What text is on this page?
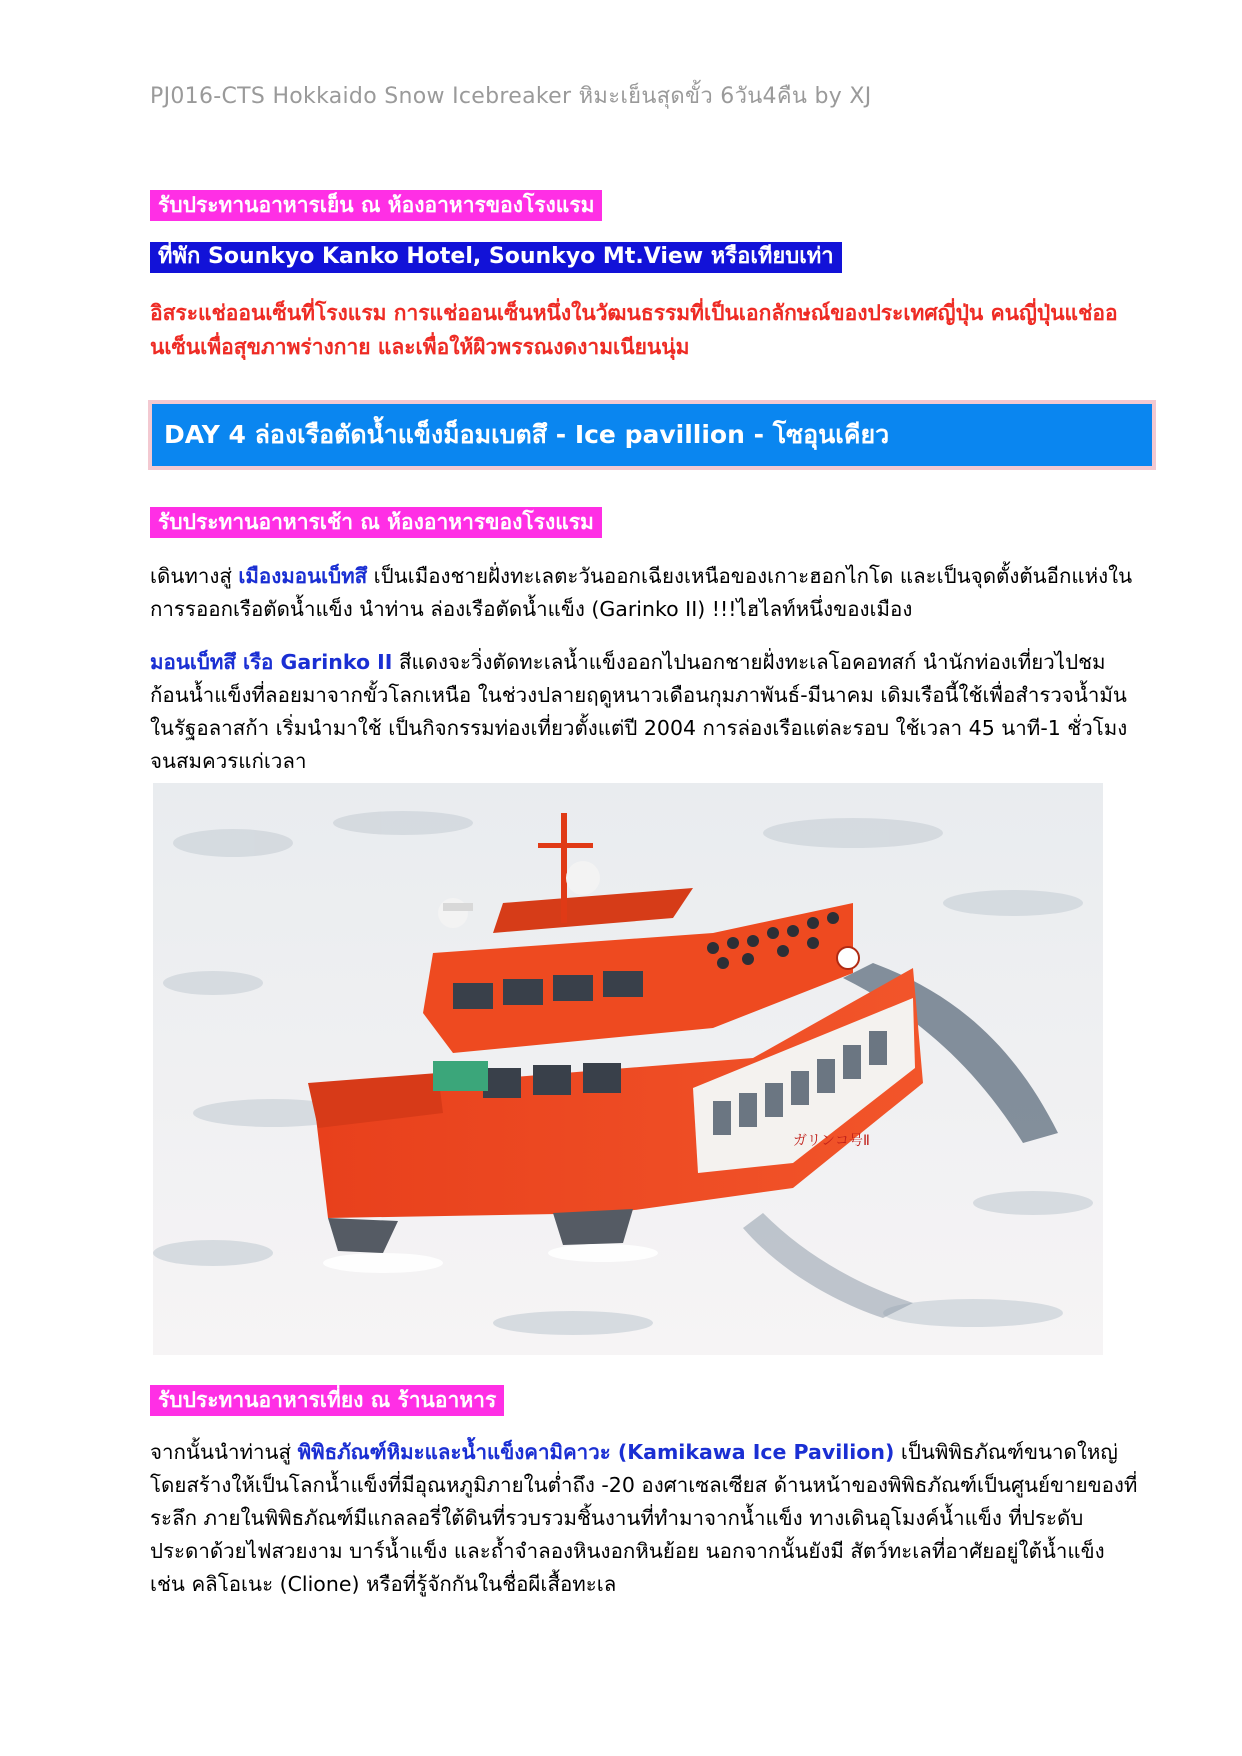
PJ016-CTS Hokkaido Snow Icebreaker หิมะเย็นสุดขั้ว 6วัน4คืน by XJ
รับประทานอาหารเย็น ณ ห้องอาหารของโรงแรม
ที่พัก Sounkyo Kanko Hotel, Sounkyo Mt.View หรือเทียบเท่า
อิสระแช่ออนเซ็นที่โรงแรม การแช่ออนเซ็นหนึ่งในวัฒนธรรมที่เป็นเอกลักษณ์ของประเทศญี่ปุ่น คนญี่ปุ่นแช่ออนเซ็นเพื่อสุขภาพร่างกาย และเพื่อให้ผิวพรรณงดงามเนียนนุ่ม
DAY 4 ล่องเรือตัดน้ำแข็งม็อมเบตสึ - Ice pavillion - โซอุนเคียว
รับประทานอาหารเช้า ณ ห้องอาหารของโรงแรม
เดินทางสู่ เมืองมอนเบ็ทสึ เป็นเมืองชายฝั่งทะเลตะวันออกเฉียงเหนือของเกาะฮอกไกโด และเป็นจุดตั้งต้นอีกแห่งในการรออกเรือตัดน้ำแข็ง นำท่าน ล่องเรือตัดน้ำแข็ง (Garinko II) !!!ไฮไลท์หนึ่งของเมือง
มอนเบ็ทสึ เรือ Garinko II สีแดงจะวิ่งตัดทะเลน้ำแข็งออกไปนอกชายฝั่งทะเลโอคอทสก์ นำนักท่องเที่ยวไปชมก้อนน้ำแข็งที่ลอยมาจากขั้วโลกเหนือ ในช่วงปลายฤดูหนาวเดือนกุมภาพันธ์-มีนาคม เดิมเรือนี้ใช้เพื่อสำรวจน้ำมันในรัฐอลาสก้า เริ่มนำมาใช้ เป็นกิจกรรมท่องเที่ยวตั้งแต่ปี 2004 การล่องเรือแต่ละรอบ ใช้เวลา 45 นาที-1 ชั่วโมง จนสมควรแก่เวลา
ガリンコ号Ⅱ
รับประทานอาหารเที่ยง ณ ร้านอาหาร
จากนั้นนำท่านสู่ พิพิธภัณฑ์หิมะและน้ำแข็งคามิคาวะ (Kamikawa Ice Pavilion) เป็นพิพิธภัณฑ์ขนาดใหญ่ โดยสร้างให้เป็นโลกน้ำแข็งที่มีอุณหภูมิภายในต่ำถึง -20 องศาเซลเซียส ด้านหน้าของพิพิธภัณฑ์เป็นศูนย์ขายของที่ระลึก ภายในพิพิธภัณฑ์มีแกลลอรี่ใต้ดินที่รวบรวมชิ้นงานที่ทำมาจากน้ำแข็ง ทางเดินอุโมงค์น้ำแข็ง ที่ประดับประดาด้วยไฟสวยงาม บาร์น้ำแข็ง และถ้ำจำลองหินงอกหินย้อย นอกจากนั้นยังมี สัตว์ทะเลที่อาศัยอยู่ใต้น้ำแข็ง เช่น คลิโอเนะ (Clione) หรือที่รู้จักกันในชื่อผีเสื้อทะเล
